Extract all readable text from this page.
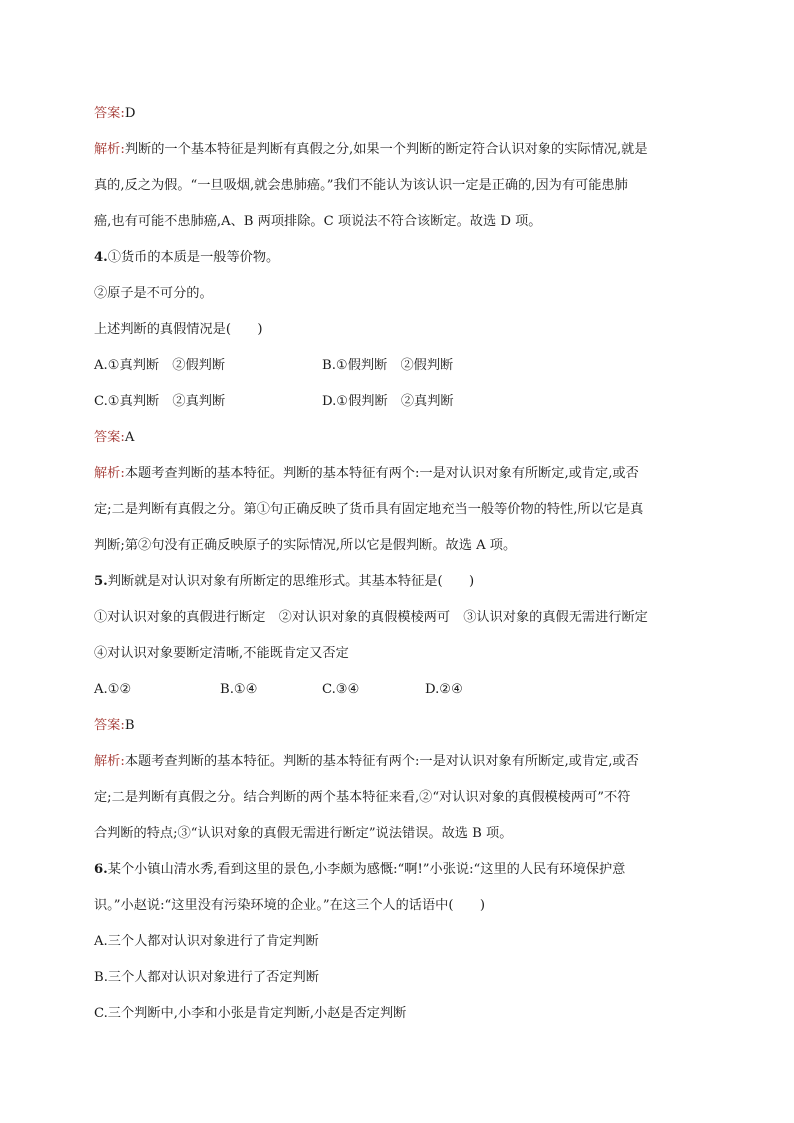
答案:D
解析:判断的一个基本特征是判断有真假之分,如果一个判断的断定符合认识对象的实际情况,就是
真的,反之为假。“一旦吸烟,就会患肺癌。”我们不能认为该认识一定是正确的,因为有可能患肺
癌,也有可能不患肺癌,A、B 两项排除。C 项说法不符合该断定。故选 D 项。
4.①货币的本质是一般等价物。
②原子是不可分的。
上述判断的真假情况是(　　)
A.①真判断　②假判断	B.①假判断　②假判断
C.①真判断　②真判断	D.①假判断　②真判断
答案:A
解析:本题考查判断的基本特征。判断的基本特征有两个:一是对认识对象有所断定,或肯定,或否
定;二是判断有真假之分。第①句正确反映了货币具有固定地充当一般等价物的特性,所以它是真
判断;第②句没有正确反映原子的实际情况,所以它是假判断。故选 A 项。
5.判断就是对认识对象有所断定的思维形式。其基本特征是(　　)
①对认识对象的真假进行断定　②对认识对象的真假模棱两可　③认识对象的真假无需进行断定
④对认识对象要断定清晰,不能既肯定又否定
A.①②	B.①④	C.③④	D.②④
答案:B
解析:本题考查判断的基本特征。判断的基本特征有两个:一是对认识对象有所断定,或肯定,或否
定;二是判断有真假之分。结合判断的两个基本特征来看,②“对认识对象的真假模棱两可”不符
合判断的特点;③“认识对象的真假无需进行断定”说法错误。故选 B 项。
6.某个小镇山清水秀,看到这里的景色,小李颇为感慨:“啊!”小张说:“这里的人民有环境保护意
识。”小赵说:“这里没有污染环境的企业。”在这三个人的话语中(　　)
A.三个人都对认识对象进行了肯定判断
B.三个人都对认识对象进行了否定判断
C.三个判断中,小李和小张是肯定判断,小赵是否定判断
